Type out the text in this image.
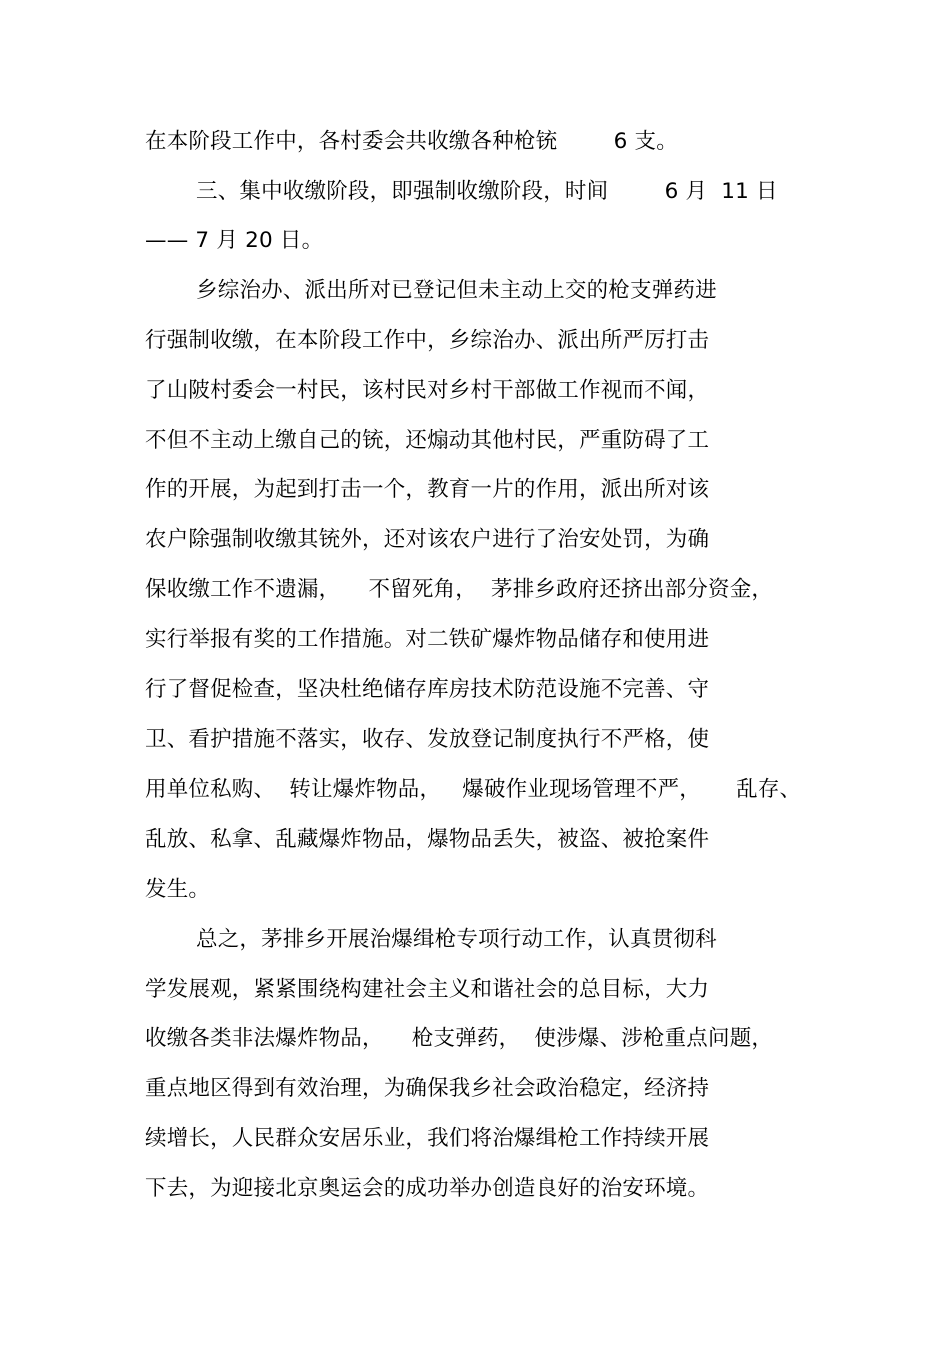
在本阶段工作中，各村委会共收缴各种枪铳        6 支。
三、集中收缴阶段，即强制收缴阶段，时间        6 月  11 日
—— 7 月 20 日。
乡综治办、派出所对已登记但未主动上交的枪支弹药进
行强制收缴，在本阶段工作中，乡综治办、派出所严厉打击
了山陂村委会一村民，该村民对乡村干部做工作视而不闻，
不但不主动上缴自己的铳，还煽动其他村民，严重防碍了工
作的开展，为起到打击一个，教育一片的作用，派出所对该
农户除强制收缴其铳外，还对该农户进行了治安处罚，为确
保收缴工作不遗漏，    不留死角，  茅排乡政府还挤出部分资金，
实行举报有奖的工作措施。对二铁矿爆炸物品储存和使用进
行了督促检查，坚决杜绝储存库房技术防范设施不完善、守
卫、看护措施不落实，收存、发放登记制度执行不严格，使
用单位私购、  转让爆炸物品，   爆破作业现场管理不严，     乱存、
乱放、私拿、乱藏爆炸物品，爆物品丢失，被盗、被抢案件
发生。
总之，茅排乡开展治爆缉枪专项行动工作，认真贯彻科
学发展观，紧紧围绕构建社会主义和谐社会的总目标，大力
收缴各类非法爆炸物品，    枪支弹药，  使涉爆、涉枪重点问题，
重点地区得到有效治理，为确保我乡社会政治稳定，经济持
续增长，人民群众安居乐业，我们将治爆缉枪工作持续开展
下去，为迎接北京奥运会的成功举办创造良好的治安环境。
